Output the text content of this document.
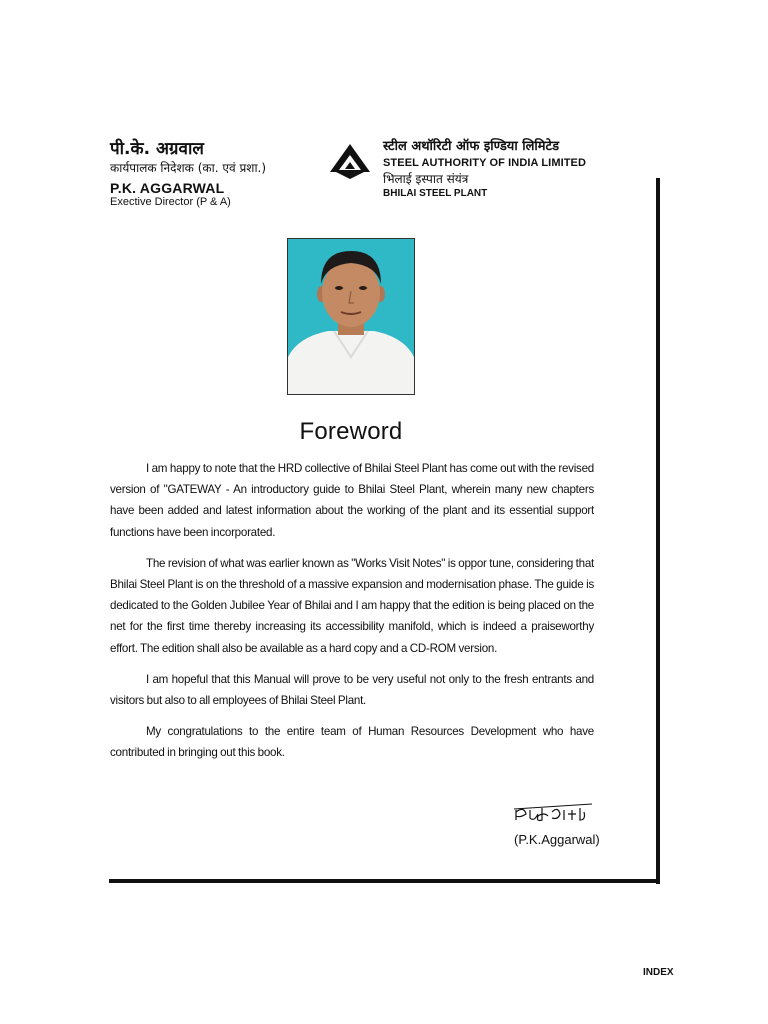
पी.के. अग्रवाल
कार्यपालक निदेशक (का. एवं प्रशा.)
P.K. AGGARWAL
Exective Director (P & A)
स्टील अथॉरिटी ऑफ इण्डिया लिमिटेड
STEEL AUTHORITY OF INDIA LIMITED
भिलाई इस्पात संयंत्र
BHILAI STEEL PLANT
Foreword

I am happy to note that the HRD collective of Bhilai Steel Plant has come out with the revised version of "GATEWAY - An introductory guide to Bhilai Steel Plant, wherein many new chapters have been added and latest information about the working of the plant and its essential support functions have been incorporated.

The revision of what was earlier known as "Works Visit Notes" is oppor tune, considering that Bhilai Steel Plant is on the threshold of a massive expansion and modernisation phase. The guide is dedicated to the Golden Jubilee Year of Bhilai and I am happy that the edition is being placed on the net for the first time thereby increasing its accessibility manifold, which is indeed a praiseworthy effort. The edition shall also be available as a hard copy and a CD-ROM version.

I am hopeful that this Manual will prove to be very useful not only to the fresh entrants and visitors but also to all employees of Bhilai Steel Plant.

My congratulations to the entire team of Human Resources Development who have contributed in bringing out this book.

(P.K.Aggarwal)
INDEX
